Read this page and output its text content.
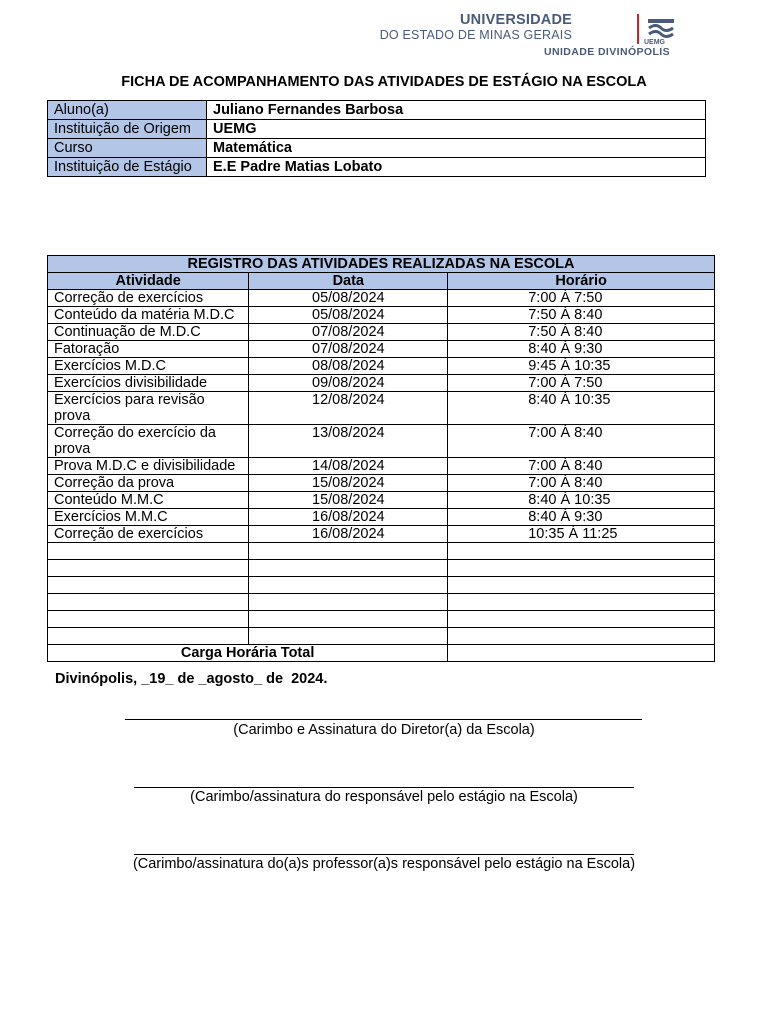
UNIVERSIDADE
DO ESTADO DE MINAS GERAIS
UEMG
UNIDADE DIVINÓPOLIS
FICHA DE ACOMPANHAMENTO DAS ATIVIDADES DE ESTÁGIO NA ESCOLA
Aluno(a)	Juliano Fernandes Barbosa
Instituição de Origem	UEMG
Curso	Matemática
Instituição de Estágio	E.E Padre Matias Lobato
REGISTRO DAS ATIVIDADES REALIZADAS NA ESCOLA		
Atividade	Data	Horário
Correção de exercícios	05/08/2024	7:00 Á 7:50
Conteúdo da matéria M.D.C	05/08/2024	7:50 Á 8:40
Continuação de M.D.C	07/08/2024	7:50 Á 8:40
Fatoração	07/08/2024	8:40 Á 9:30
Exercícios M.D.C	08/08/2024	9:45 Á 10:35
Exercícios divisibilidade	09/08/2024	7:00 Á 7:50
Exercícios para revisão prova	12/08/2024	8:40 Á 10:35
Correção do exercício da prova	13/08/2024	7:00 Á 8:40
Prova M.D.C e divisibilidade	14/08/2024	7:00 Á 8:40
Correção da prova	15/08/2024	7:00 Á 8:40
Conteúdo M.M.C	15/08/2024	8:40 Á 10:35
Exercícios M.M.C	16/08/2024	8:40 Á 9:30
Correção de exercícios	16/08/2024	10:35 Á 11:25

Carga Horária Total		
Divinópolis, _19_ de _agosto_ de  2024.
(Carimbo e Assinatura do Diretor(a) da Escola)
(Carimbo/assinatura do responsável pelo estágio na Escola)
(Carimbo/assinatura do(a)s professor(a)s responsável pelo estágio na Escola)
